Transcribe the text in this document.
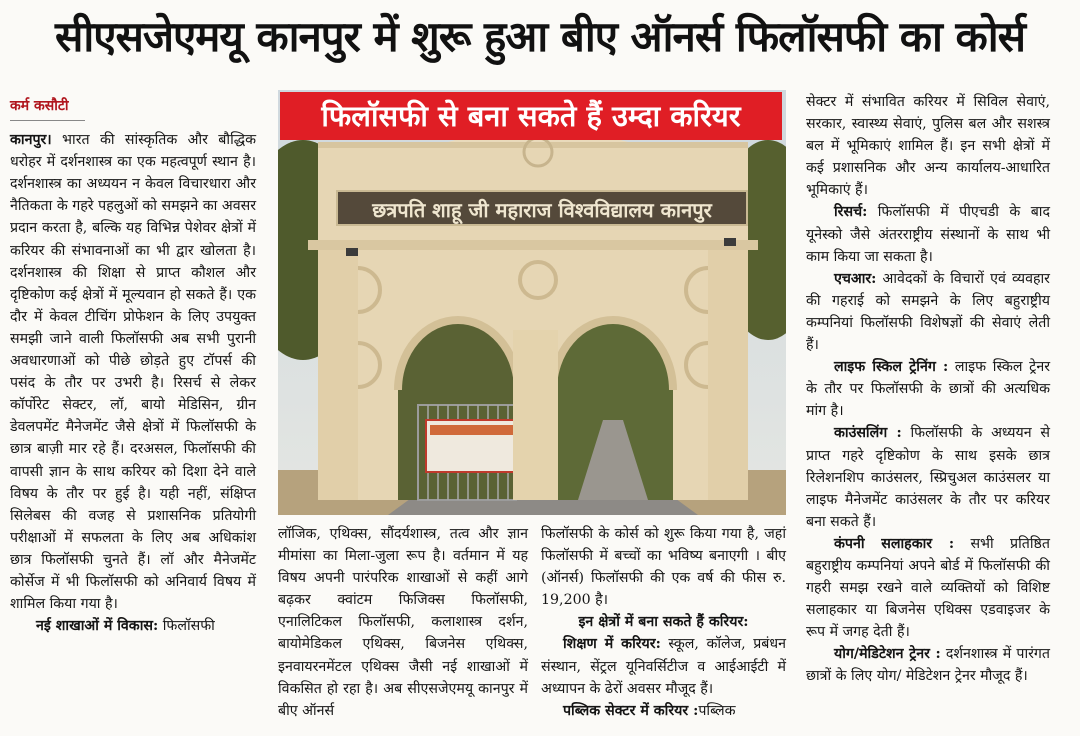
सीएसजेएमयू कानपुर में शुरू हुआ बीए ऑनर्स फिलॉसफी का कोर्स
कर्म कसौटी

कानपुर। भारत की सांस्कृतिक और बौद्धिक धरोहर में दर्शनशास्त्र का एक महत्वपूर्ण स्थान है। दर्शनशास्त्र का अध्ययन न केवल विचारधारा और नैतिकता के गहरे पहलुओं को समझने का अवसर प्रदान करता है, बल्कि यह विभिन्न पेशेवर क्षेत्रों में करियर की संभावनाओं का भी द्वार खोलता है। दर्शनशास्त्र की शिक्षा से प्राप्त कौशल और दृष्टिकोण कई क्षेत्रों में मूल्यवान हो सकते हैं। एक दौर में केवल टीचिंग प्रोफेशन के लिए उपयुक्त समझी जाने वाली फिलॉसफी अब सभी पुरानी अवधारणाओं को पीछे छोड़ते हुए टॉपर्स की पसंद के तौर पर उभरी है। रिसर्च से लेकर कॉर्पोरेट सेक्टर, लॉ, बायो मेडिसिन, ग्रीन डेवलपमेंट मैनेजमेंट जैसे क्षेत्रों में फिलॉसफी के छात्र बाज़ी मार रहे हैं। दरअसल, फिलॉसफी की वापसी ज्ञान के साथ करियर को दिशा देने वाले विषय के तौर पर हुई है। यही नहीं, संक्षिप्त सिलेबस की वजह से प्रशासनिक प्रतियोगी परीक्षाओं में सफलता के लिए अब अधिकांश छात्र फिलॉसफी चुनते हैं। लॉ और मैनेजमेंट कोर्सेज में भी फिलॉसफी को अनिवार्य विषय में शामिल किया गया है।

नई शाखाओं में विकास: फिलॉसफी

छत्रपति शाहू जी महाराज विश्वविद्यालय कानपुर
फिलॉसफी से बना सकते हैं उम्दा करियर

लॉजिक, एथिक्स, सौंदर्यशास्त्र, तत्व और ज्ञान मीमांसा का मिला-जुला रूप है। वर्तमान में यह विषय अपनी पारंपरिक शाखाओं से कहीं आगे बढ़कर क्वांटम फिजिक्स फिलॉसफी, एनालिटिकल फिलॉसफी, कलाशास्त्र दर्शन, बायोमेडिकल एथिक्स, बिजनेस एथिक्स, इनवायरनमेंटल एथिक्स जैसी नई शाखाओं में विकसित हो रहा है। अब सीएसजेएमयू कानपुर में बीए ऑनर्स

फिलॉसफी के कोर्स को शुरू किया गया है, जहां फिलॉसफी में बच्चों का भविष्य बनाएगी । बीए (ऑनर्स) फिलॉसफी की एक वर्ष की फीस रु. 19,200 है।

इन क्षेत्रों में बना सकते हैं करियर:

शिक्षण में करियर: स्कूल, कॉलेज, प्रबंधन संस्थान, सेंट्रल यूनिवर्सिटीज व आईआईटी में अध्यापन के ढेरों अवसर मौजूद हैं।

पब्लिक सेक्टर में करियर :पब्लिक

सेक्टर में संभावित करियर में सिविल सेवाएं, सरकार, स्वास्थ्य सेवाएं, पुलिस बल और सशस्त्र बल में भूमिकाएं शामिल हैं। इन सभी क्षेत्रों में कई प्रशासनिक और अन्य कार्यालय-आधारित भूमिकाएं हैं।

रिसर्च: फिलॉसफी में पीएचडी के बाद यूनेस्को जैसे अंतरराष्ट्रीय संस्थानों के साथ भी काम किया जा सकता है।

एचआर: आवेदकों के विचारों एवं व्यवहार की गहराई को समझने के लिए बहुराष्ट्रीय कम्पनियां फिलॉसफी विशेषज्ञों की सेवाएं लेती हैं।

लाइफ स्किल ट्रेनिंग : लाइफ स्किल ट्रेनर के तौर पर फिलॉसफी के छात्रों की अत्यधिक मांग है।

काउंसलिंग : फिलॉसफी के अध्ययन से प्राप्त गहरे दृष्टिकोण के साथ इसके छात्र रिलेशनशिप काउंसलर, स्प्रिचुअल काउंसलर या लाइफ मैनेजमेंट काउंसलर के तौर पर करियर बना सकते हैं।

कंपनी सलाहकार : सभी प्रतिष्ठित बहुराष्ट्रीय कम्पनियां अपने बोर्ड में फिलॉसफी की गहरी समझ रखने वाले व्यक्तियों को विशिष्ट सलाहकार या बिजनेस एथिक्स एडवाइजर के रूप में जगह देती हैं।

योग/मेडिटेशन ट्रेनर : दर्शनशास्त्र में पारंगत छात्रों के लिए योग/ मेडिटेशन ट्रेनर मौजूद हैं।
